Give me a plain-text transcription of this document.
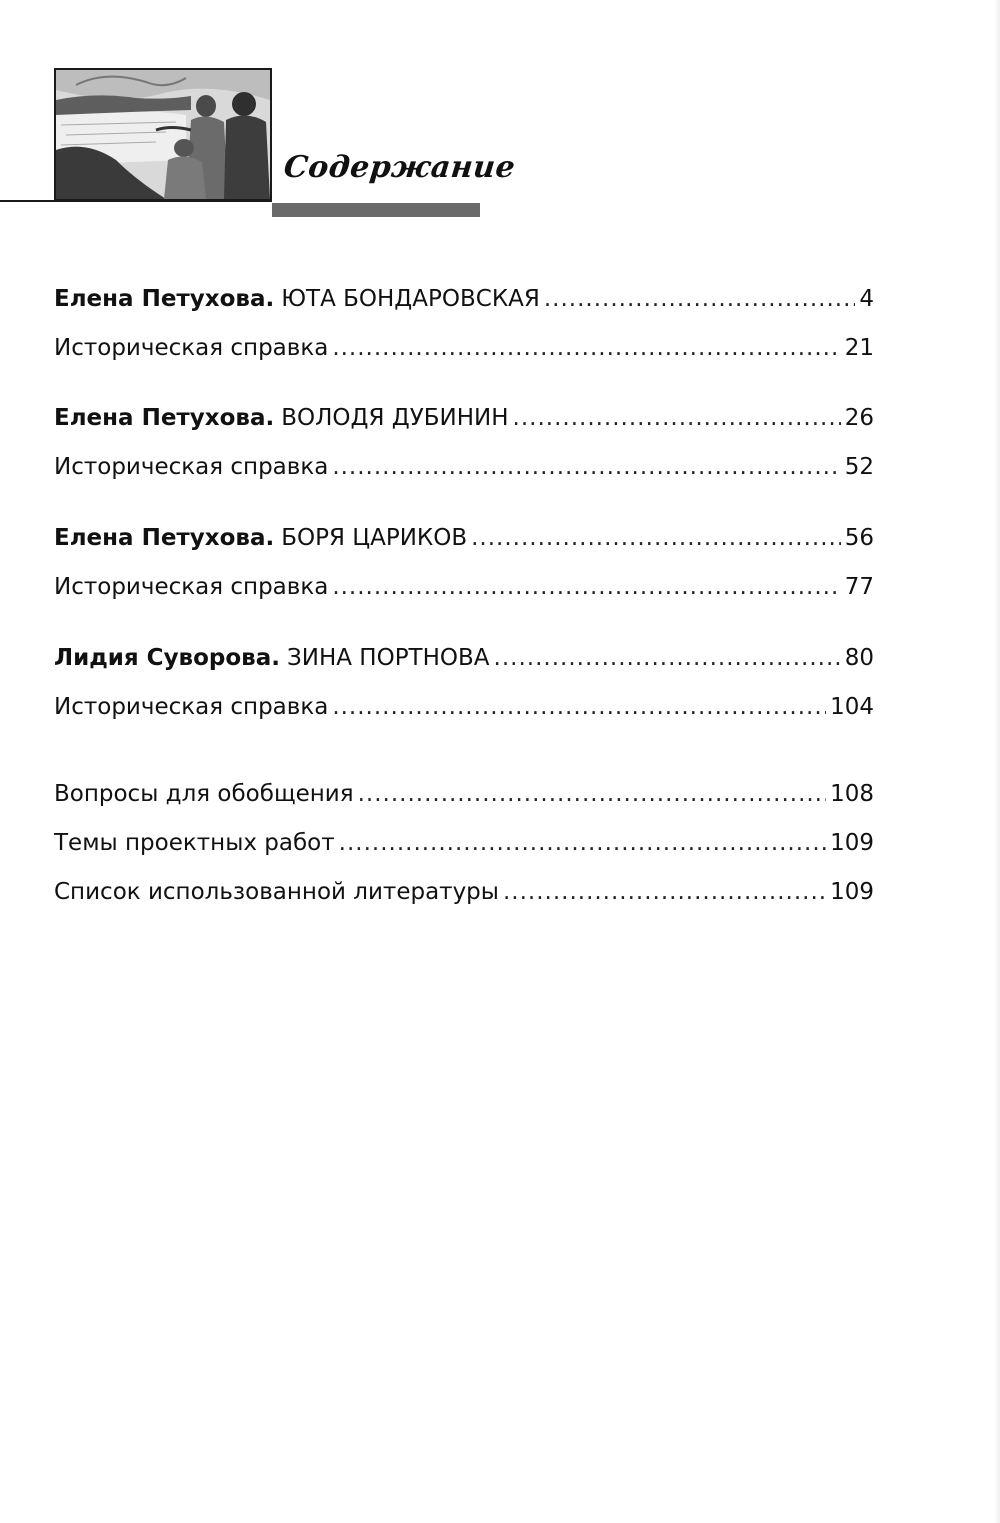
Содержание
Елена Петухова. ЮТА БОНДАРОВСКАЯ .....	4
Историческая справка .....	21
Елена Петухова. ВОЛОДЯ ДУБИНИН .....	26
Историческая справка .....	52
Елена Петухова. БОРЯ ЦАРИКОВ .....	56
Историческая справка .....	77
Лидия Суворова. ЗИНА ПОРТНОВА .....	80
Историческая справка .....	104
Вопросы для обобщения .....	108
Темы проектных работ .....	109
Список использованной литературы .....	109
